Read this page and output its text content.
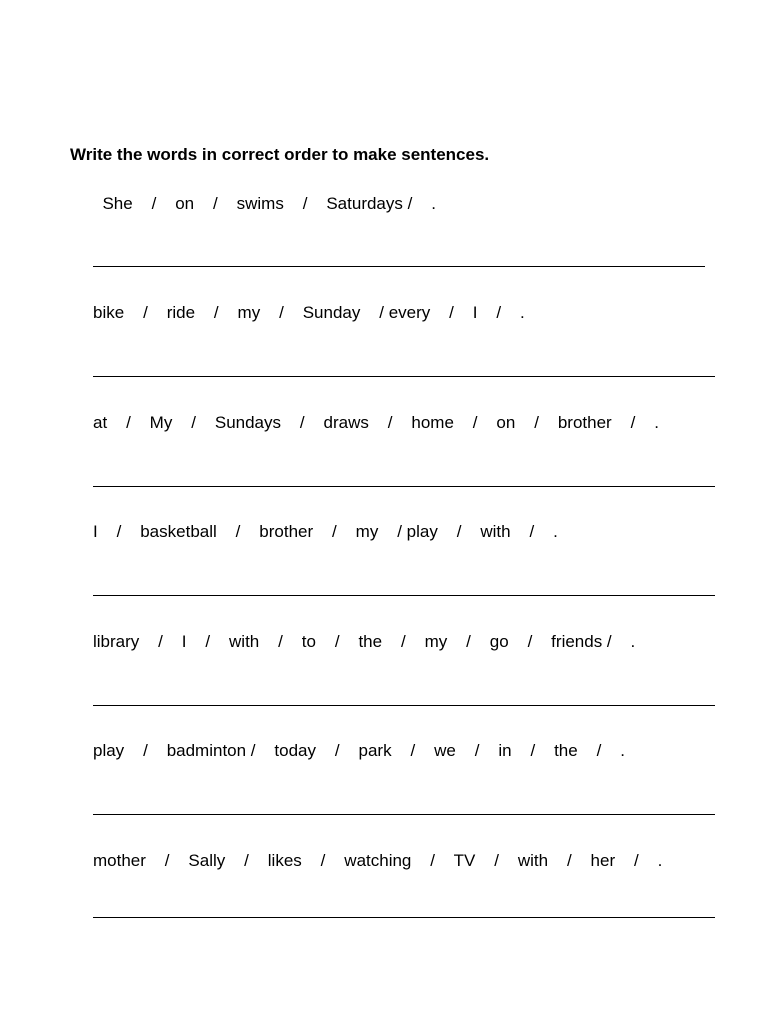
Write the words in correct order to make sentences.
She    /    on    /    swims    /    Saturdays /    .
bike    /    ride    /    my    /    Sunday    / every    /    I    /    .
at    /    My    /    Sundays    /    draws    /    home    /    on    /    brother    /    .
I    /    basketball    /    brother    /    my    / play    /    with    /    .
library    /    I    /    with    /    to    /    the    /    my    /    go    /    friends /    .
play    /    badminton /    today    /    park    /    we    /    in    /    the    /    .
mother    /    Sally    /    likes    /    watching    /    TV    /    with    /    her    /    .
